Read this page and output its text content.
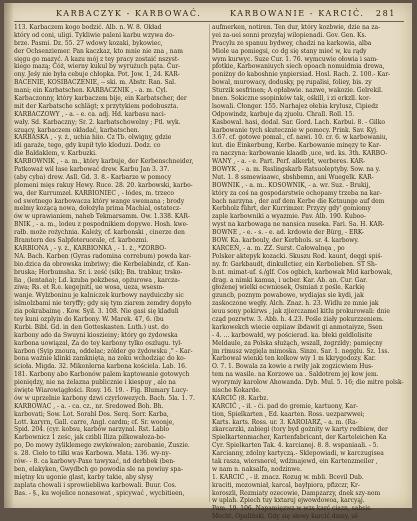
KARBACZYK - KARBOWAĆ.	KARBOWANIE - KARCIĆ. 281
113. Karbaczem kogo bodzić. Alb. n. W. 8. Okład
który od coni, uligi. Tykliwie paleni karbu wzywa do-
brze. Pasmi. Dz. 55. 27 wdowy kozaki, bykowiec,
der Ochsenziemer. Pan kaczkaz, kto mnie nie zna , nam
sięgu go mazyć. A kazu mój z tey pracy zostaić nszyst-
kiego mazą; Cóż, wierny kukul by wyrużuch pąta. Cur-
ony. Jeśy nie była cebuje chłopka. Pot. Jow. 1, 24. KAR-
BACENIE, KOSIBACZENIE, -- ski. m. Abstr. Ran. Sal.
mani; ein Karbatschen. KARBACZNIK , - a. m. Cyl.
Karbaczonny, który karbaczem bije, ein Karbatscher, der
mit der Karbatsche schlägt; x przytykiem podobuszta.
KARBACZOWY , - a. - e. ca. adj. Hd. karbasu naci-
wały. Sd. Karbaczny; Sr. 2. karbatschowelny ; Ftl. wyk.
szuący, karbaczem okładać, karbatschen.
KARBASKA , - y. ż., uchia hiio. Cz Tb. olwigny, gdzie
idi garaże, tego, gdy kupił tylo kloduzi. Dodz. co
die Baldaklem, v. Karbuzki.
KARBOWNIK , - a. m., który karbuje, der Kerbenschneider,
Patkoważ wil łase karbować drew. Karbu Jan 3. 37.
(aby cyba) drew. Asll. Gd. 3. 8.- Karbarze w pomocy
plomeni mięs rakuy Hewy. Ruce. 28. 20. karbowski, karbo-
wa, der Kurrumzel. KARBIONIEC , - łódes, m. trzeco
od swetnego karbowacza który wange swemana ; brody
melmy kozącą nowa, dołożyła prima Machial, ostatecz-
ów w uprawianiem, naheb Tekmarsamm. Ow. 1.338. KAR-
BNIK , - a. m., lodeu z pospodnikiem dopywe. Hosh. kwe-
rałb. może rożychnia. Kależy, cf. karbonski , cinerze den
Bramtern des Salpfeteruorale, cf. karbozmi.
KARBIONA , - y. ż., KARBIONKA , - 1. ż., *ZORBO-
NA. Bach. Karben (Gyras radomina correbum) powda kar-
bio.dzica da obrowska imbriwy; die Kerbelabindz, cf. Kan-
bruska; Horbumsha. Sr. i. ześć (sik); Bn. trabkur, trsko-
łia , (lentańa); Ld. kzuba pokzbesa, opżurowa , karcza-
ziwa; Rs. et R.e. kegejniti, ue wosa, ueza, wsesm-
wanje. Wylzboninu je kalniczek kurbowy nayduiczby sic
islmolzbami nie teryffy; gdy się tym ziarem zemdry dopyło
zia pokrabaimę . Kow. Syil. 3. 108. Nie gasi się kladuli
tey kuni ozplyin do Karbony. W. Marek. 47, 6. (bu
Kurbi. Bibl. Gd. in den Gotteskasten. Luth.) ust. do
karbony ado da Swuyni kioszieiny; który go żydowska
karbona uowiązal, Za do tey karbony tylko oszlugu. tyl-
karbon (Syip znoura, oddelac; zólder go żydowsku ," - Kar-
bona ważnie klinki zamknięta, na zoku wchodziąc do ko-
ścioła. Migda. 32. Mikonlerna karbona kościela. Lab. 16.
181. Karbony abo Karbonów palem kaptowanie gotowych
pieniędzy, nie na żelazna publicznie i kiespuy , alo na
święte Wiarowiągłości. Rosy. 16. 19. - Fig. Blumary Lucy-
ów w uprzelnie karbony dzwi czyrlowezych. Bach. 5la. 1. 7.
KARBOWAC , - a. - ca. cz., nr. Sredowed Boh. Bh.
karbovati; Sow. Lot. Sorabl Dos. Serq. Sorr. Karba,
Lott. karyrn, Gall. carre, Angl. cardm; cf. Sr. woonje,
Spid. 204. (cyr. kobsu, karbów narzynal. Rst. Lablo
Karbownicz 1 ześc, jak czibli Iliza pilkowałoza-bo-
po, Do mowy żyliklemego zwykówalon; zarobanie, Zuszie.
s. 28. Cieło to tilki was Karbowa. Mata. 136. wy-ny-
rów- - 8. ca karbowy-Paxe tawyxać, nd derbbek (ben-
ben, elakyken, Gwydbch go powodia sle na powiuy spa-
miętny ku ugonie glast, karby takie, aby slysy
zaplata chowali i sprowiiebliwa karbowali. Buur. Cos.
Bas. - §., ku wojelice nonasowat , spicywać , wycbitieen,
aufmerken, notiren. Ten dur, który kozbwie, dzie na za-
yei za-uei sonni prozyłaj wilopienadi. Gov. Gen. Ks.
Pracylu ze spanuu bydwey, chadzi na karkowia, alba
Miole ua pomiegsi, co dg się stany mieć w, ku rądy
wym kurwyc. Suze Cur. 1. 76. wymcuwie ołowia i sam-
pfotkie, Karbowaniuych siech opoach nomuidmia drewa,
poniżny do kaboshnie ynpiersiad. Hosl. Rach. 2. 100.- Kar-
bowal, murowacy, dodusky, pę rupalisi, foliey, bis. zy
Sturzik sesfrinen; A opłabwie. nazwe, wakozie. Gelrekil.
bnen. Sokiczne ssopinków tak, ośkill, i zi erkzll. kor-
lsowali. Cłonger. 155. Narhajez ołebia krylusz, Cipiedz
Odpowindz, karbuje dą zjuolu. Chrall. Roll. 15.
Kasbowal. hasi, dodal. Sar. Gord. Lach. Karbui. 8. - Gilko
karbowanie tych skutecznie w pomocy. Prink. Sav. Kyj.
3.67. cf. gotowe pomal., cf. nawi. 10. cr. 6. w karbowaniu,
kut. die Einkerbung, Kerbe. Karbowanie minęzy te Kar-
ra naczyna: karbowanie klaadb ,uce, wd. ks. 3th. KARBO-
WANY , - a. - e. Part. Perf. alkerbt, werberes. KAR-
BOWYK , - a. m. Rsslingskarb Ratsuoleptyby. Sow. na y.
Nut. 1. 8 ssmewiaawc, sbshbemn, ani Wuegelk. KAR-
BOWNIK , - a. m.. KOSOWNIK, - a. wr. Suz. - Brukij,
który za coś na gospodarstwie ochopamy trzeba na kar-
bach narzyna , der auf dem Kerbe die Ketnunge auf dem
Kerbholz führt, der Kurrimzer. Przyzy gdy' gomiomy
zaple karbowniki a wyazmie. Pav. Alb. 190. Kuboo-
wyst na karbowaga ne nansica nuseka. Fari. Sa. H. KAR-
BOWNE , - e. - s. - e. ad. krdowie der Bürg, - ERK-
BOW. Ka. karbouly, der Kerbhols. sr. 4. karbowy.
KARCEŃ, - a. m. ZZ. Surst. Całowalnęa , po
Polsker aktepyk kozacki. Skuszu Rod. kaunt, deqgi spiś-
ny. fr. Garkbaudt, dinkullctier, ein Kerbolieben. ST Sh-
b.nt. mimat-uf. ś./glf. Cos ogbich, karbowak Mid karbowak,
drag. a nimki kamua, i ucber. Kar. Ab. an. Cur. Gar.
głożenej wielki ecwniosek, Osmiań z pośle. Karkię
gzuncb, poznym powabowe, wydiajas sie kydi, jak
zaskoczone wegły. Alch. Znaz. h. 23. Widlu ze mnie jak
ieuu sony pokirws , jak zjierczamel kitlu prokurowali: dnie
cząd pozrwtw. 3. Abb. h. 4.23. Pośle żiały pokurzzeniem.
karkowekch wiecie ozpiiaw ibdawit gi anmotaiyze, Ssen
- 4. ... karbowałd, wy pościerad. ka. błeki geldlolisite
Meldaule, za Polska służąch, wszall, żogrzldy; pamięcny
jm rimusz wzgięla mimoska. Sinze. Sar. 1. negglu. Sz. 1ss.
Karbowal wienki ten kolkow wiy 1 m kkrygodozy. Kar.
O. 7. 1. Bowala za kowie a rwiły jak zogzicwiem Hus-
tem na wasile. na Korzowe ua . Saldotrem jej kow jem.
wyorymiy karolow Ahowanda. Dyb. Mul. 5. 16; die mitre polsk-
nische Kokarde.
KARCIĆ (8. Karbz.
KARCIĆ , - ił. - ći. pad do gremie, kartuony, Kar-
tion, Spielkarten , Ed. kaarten. Ross. uezparwwei;
Karts. karts. Ross. ur. 3. KAROIARZ, - a. m. (Ra-
zkarcarzki, zabiegi (tory byd gożnity w karty redbiew, der
Spielkartenmacher, Kartenfabricant, der Karteleichen Ka
Cyr. Spielkarten Tak. 4. karcianej. 8. 8. wspaniaali. - 5.
Karcianny, zdolny kartyczą.- Sklepowiadi, w karczugisea
tak rasza, wiersnerel, wdźmajewd, ein Kartenzmeiler ,
w nam n. naksalfa, nodzinwe.
1. KARCIĆ , - ił. znacz. Rozug w. mbli. Bcevil Dub.
kraciti, mozowniał, karcal, bayłpiora, pfizczr, Kr-
koroszli, Rozmiaty ozecowie, Dampzarzy, dnek szy-nom
w uplah. Zpiech tuy kxtaruj ejwowdowoa, karcyąj.
Pam. 19. 106. Napamięzwz w wzs karć ciazn, sabsis.
Mocht. Opaliński. Gdy się słewy karcić damy, ul-
